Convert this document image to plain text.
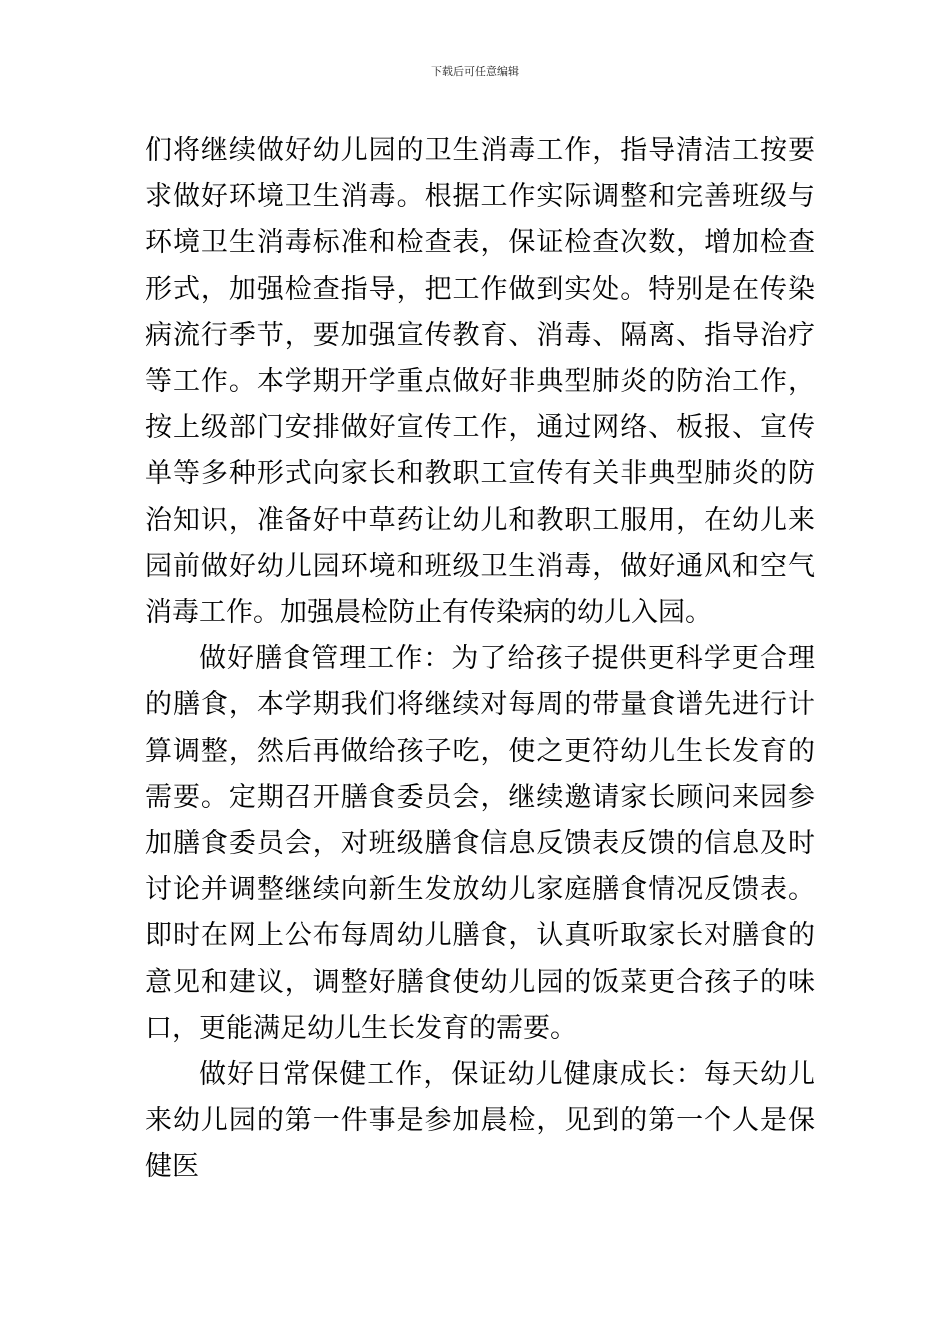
下载后可任意编辑

们将继续做好幼儿园的卫生消毒工作，指导清洁工按要求做好环境卫生消毒。根据工作实际调整和完善班级与环境卫生消毒标准和检查表，保证检查次数，增加检查形式，加强检查指导，把工作做到实处。特别是在传染病流行季节，要加强宣传教育、消毒、隔离、指导治疗等工作。本学期开学重点做好非典型肺炎的防治工作，按上级部门安排做好宣传工作，通过网络、板报、宣传单等多种形式向家长和教职工宣传有关非典型肺炎的防治知识，准备好中草药让幼儿和教职工服用，在幼儿来园前做好幼儿园环境和班级卫生消毒，做好通风和空气消毒工作。加强晨检防止有传染病的幼儿入园。

做好膳食管理工作：为了给孩子提供更科学更合理的膳食，本学期我们将继续对每周的带量食谱先进行计算调整，然后再做给孩子吃，使之更符幼儿生长发育的需要。定期召开膳食委员会，继续邀请家长顾问来园参加膳食委员会，对班级膳食信息反馈表反馈的信息及时讨论并调整继续向新生发放幼儿家庭膳食情况反馈表。即时在网上公布每周幼儿膳食，认真听取家长对膳食的意见和建议，调整好膳食使幼儿园的饭菜更合孩子的味口，更能满足幼儿生长发育的需要。

做好日常保健工作，保证幼儿健康成长：每天幼儿来幼儿园的第一件事是参加晨检，见到的第一个人是保健医
